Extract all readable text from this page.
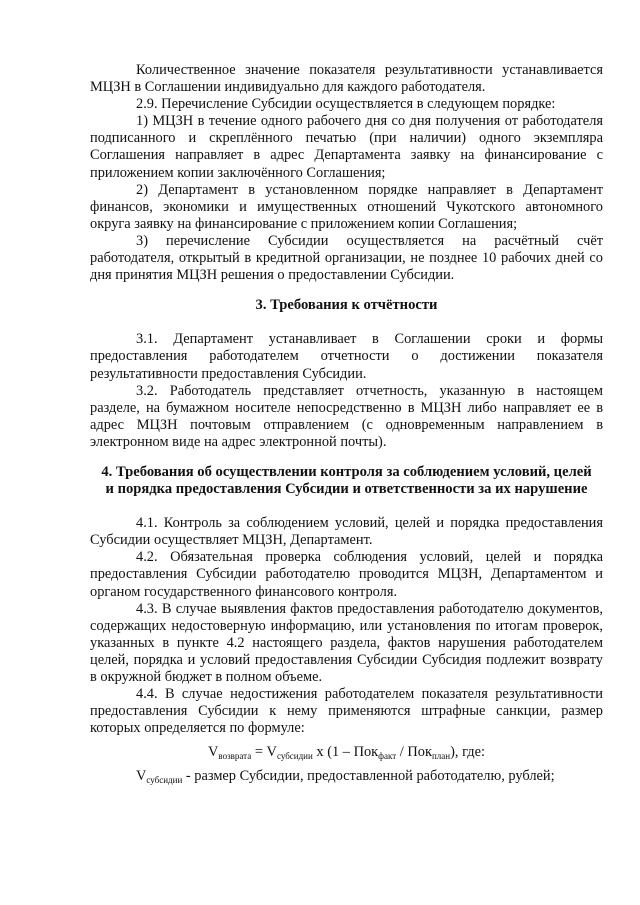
Количественное значение показателя результативности устанавливается МЦЗН в Соглашении индивидуально для каждого работодателя.

2.9. Перечисление Субсидии осуществляется в следующем порядке:

1) МЦЗН в течение одного рабочего дня со дня получения от работодателя подписанного и скреплённого печатью (при наличии) одного экземпляра Соглашения направляет в адрес Департамента заявку на финансирование с приложением копии заключённого Соглашения;

2) Департамент в установленном порядке направляет в Департамент финансов, экономики и имущественных отношений Чукотского автономного округа заявку на финансирование с приложением копии Соглашения;

3) перечисление Субсидии осуществляется на расчётный счёт работодателя, открытый в кредитной организации, не позднее 10 рабочих дней со дня принятия МЦЗН решения о предоставлении Субсидии.

3. Требования к отчётности

3.1. Департамент устанавливает в Соглашении сроки и формы предоставления работодателем отчетности о достижении показателя результативности предоставления Субсидии.

3.2. Работодатель представляет отчетность, указанную в настоящем разделе, на бумажном носителе непосредственно в МЦЗН либо направляет ее в адрес МЦЗН почтовым отправлением (с одновременным направлением в электронном виде на адрес электронной почты).

4. Требования об осуществлении контроля за соблюдением условий, целей
и порядка предоставления Субсидии и ответственности за их нарушение

4.1. Контроль за соблюдением условий, целей и порядка предоставления Субсидии осуществляет МЦЗН, Департамент.

4.2. Обязательная проверка соблюдения условий, целей и порядка предоставления Субсидии работодателю проводится МЦЗН, Департаментом и органом государственного финансового контроля.

4.3. В случае выявления фактов предоставления работодателю документов, содержащих недостоверную информацию, или установления по итогам проверок, указанных в пункте 4.2 настоящего раздела, фактов нарушения работодателем целей, порядка и условий предоставления Субсидии Субсидия подлежит возврату в окружной бюджет в полном объеме.

4.4. В случае недостижения работодателем показателя результативности предоставления Субсидии к нему применяются штрафные санкции, размер которых определяется по формуле:

$V_{возврата} = V_{субсидии}$ x (1 – Пок$_{факт}$ / Пок$_{план}$), где:
$V_{субсидии}$ - размер Субсидии, предоставленной работодателю, рублей;
